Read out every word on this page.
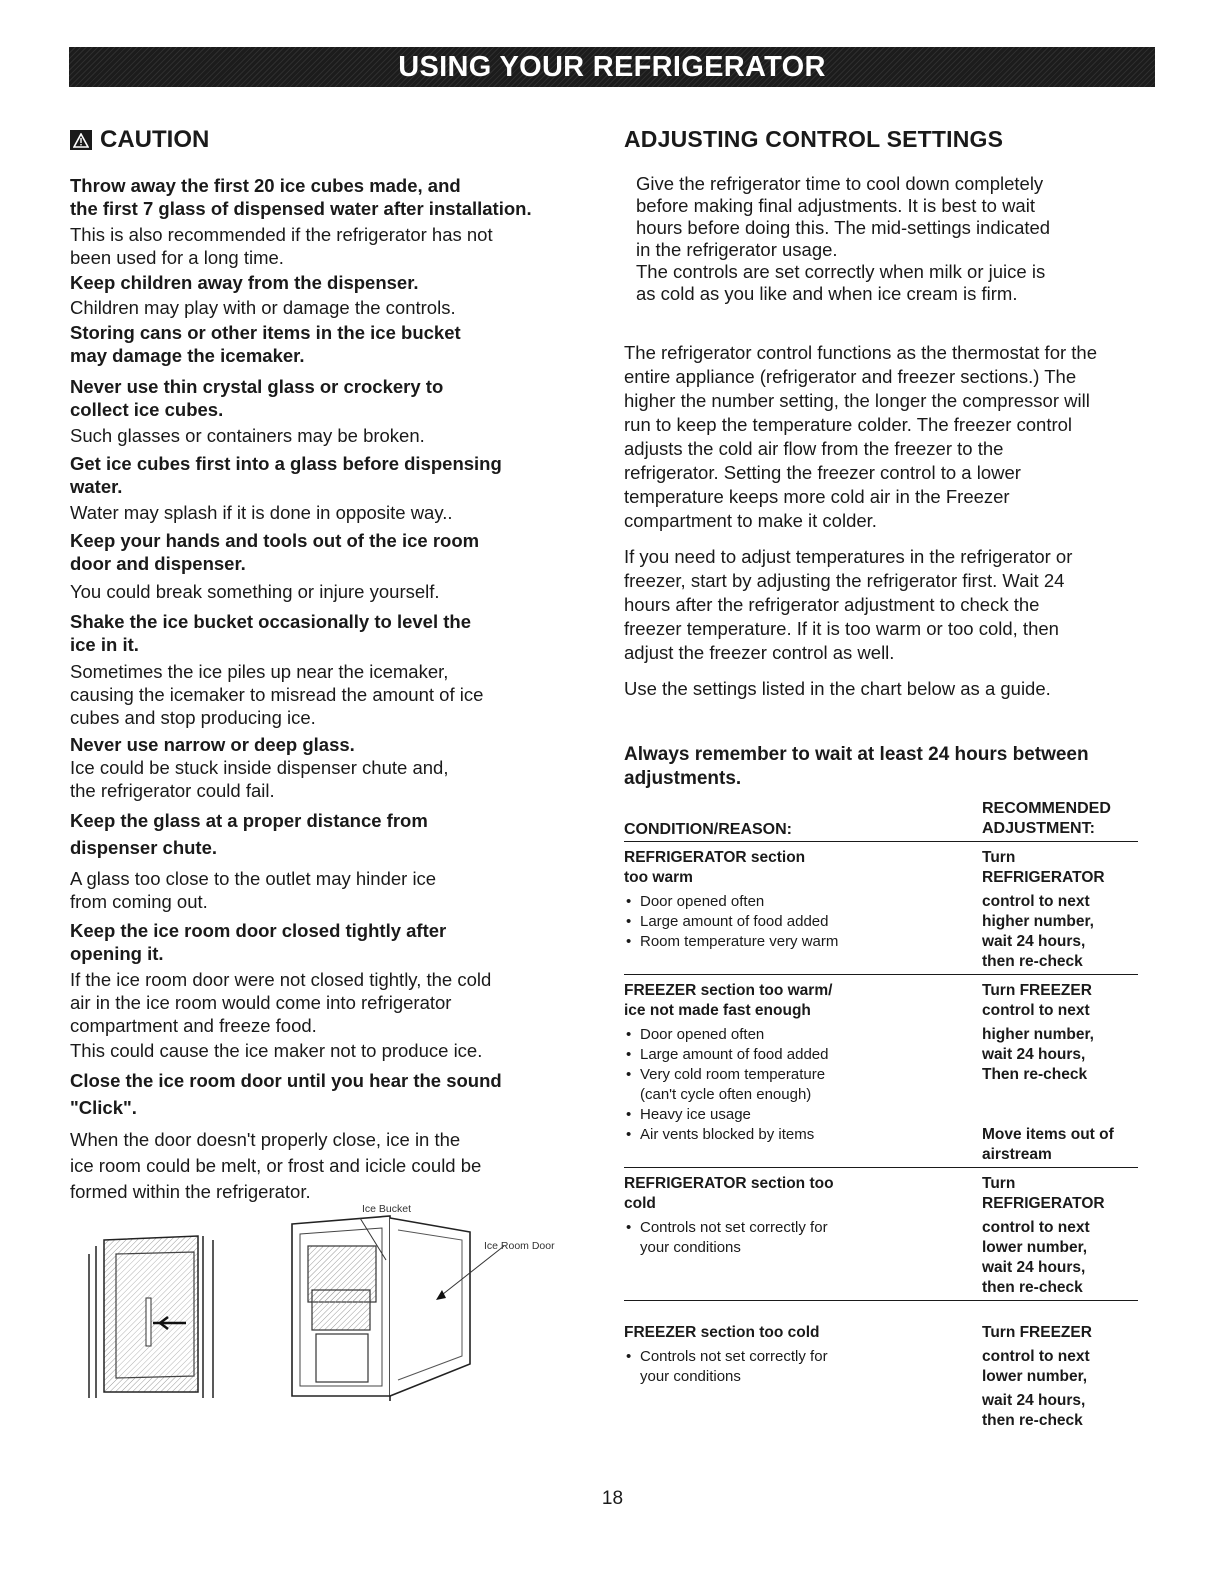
USING YOUR REFRIGERATOR
CAUTION

Throw away the first 20 ice cubes made, and

the first 7 glass of dispensed water after installation.

This is also recommended if the refrigerator has not

been used for a long time.

Keep children away from the dispenser.

Children may play with or damage the controls.

Storing cans or other items in the ice bucket

may damage the icemaker.

Never use thin crystal glass or crockery to

collect ice cubes.

Such glasses or containers may be broken.

Get ice cubes first into a glass before dispensing

water.

Water may splash if it is done in opposite way..

Keep your hands and tools out of the ice room

door and dispenser.

You could break something or injure yourself.

Shake the ice bucket occasionally to level the

ice in it.

Sometimes the ice piles up near the icemaker,

causing the icemaker to misread the amount of ice

cubes and stop producing ice.

Never use narrow or deep glass.

Ice could be stuck inside dispenser chute and,

the refrigerator could fail.

Keep the glass at a proper distance from

dispenser chute.

A glass too close to the outlet may hinder ice

from coming out.

Keep the ice room door closed tightly after

opening it.

If the ice room door were not closed tightly, the cold

air in the ice room would come into refrigerator

compartment and freeze food.

This could cause the ice maker not to produce ice.

Close the ice room door until you hear the sound

"Click".

When the door doesn't properly close, ice in the

ice room could be melt, or frost and icicle could be

formed within the refrigerator.

Ice Bucket
Ice Room Door
ADJUSTING CONTROL SETTINGS

Give the refrigerator time to cool down completely

before making final adjustments. It is best to wait

hours before doing this. The mid-settings indicated

in the refrigerator usage.

The controls are set correctly when milk or juice is

as cold as you like and when ice cream is firm.

The refrigerator control functions as the thermostat for the

entire appliance (refrigerator and freezer sections.) The

higher the number setting, the longer the compressor will

run to keep the temperature colder. The freezer control

adjusts the cold air flow from the freezer to the

refrigerator. Setting the freezer control to a lower

temperature keeps more cold air in the Freezer

compartment to make it colder.

If you need to adjust temperatures in the refrigerator or

freezer, start by adjusting the refrigerator first. Wait 24

hours after the refrigerator adjustment to check the

freezer temperature. If it is too warm or too cold, then

adjust the freezer control as well.

Use the settings listed in the chart below as a guide.

Always remember to wait at least 24 hours between

adjustments.

CONDITION/REASON:
RECOMMENDED
ADJUSTMENT:

REFRIGERATOR section
too warm

• Door opened often
• Large amount of food added
• Room temperature very warm
Turn
REFRIGERATOR
control to next
higher number,
wait 24 hours,
then re-check

FREEZER section too warm/
ice not made fast enough

• Door opened often
• Large amount of food added
• Very cold room temperature
(can't cycle often enough)
• Heavy ice usage
• Air vents blocked by items
Turn FREEZER
control to next
higher number,
wait 24 hours,
Then re-check
Move items out of
airstream

REFRIGERATOR section too
cold

• Controls not set correctly for
your conditions
Turn
REFRIGERATOR
control to next
lower number,
wait 24 hours,
then re-check

FREEZER section too cold

• Controls not set correctly for
your conditions
Turn FREEZER
control to next
lower number,
wait 24 hours,
then re-check
18
